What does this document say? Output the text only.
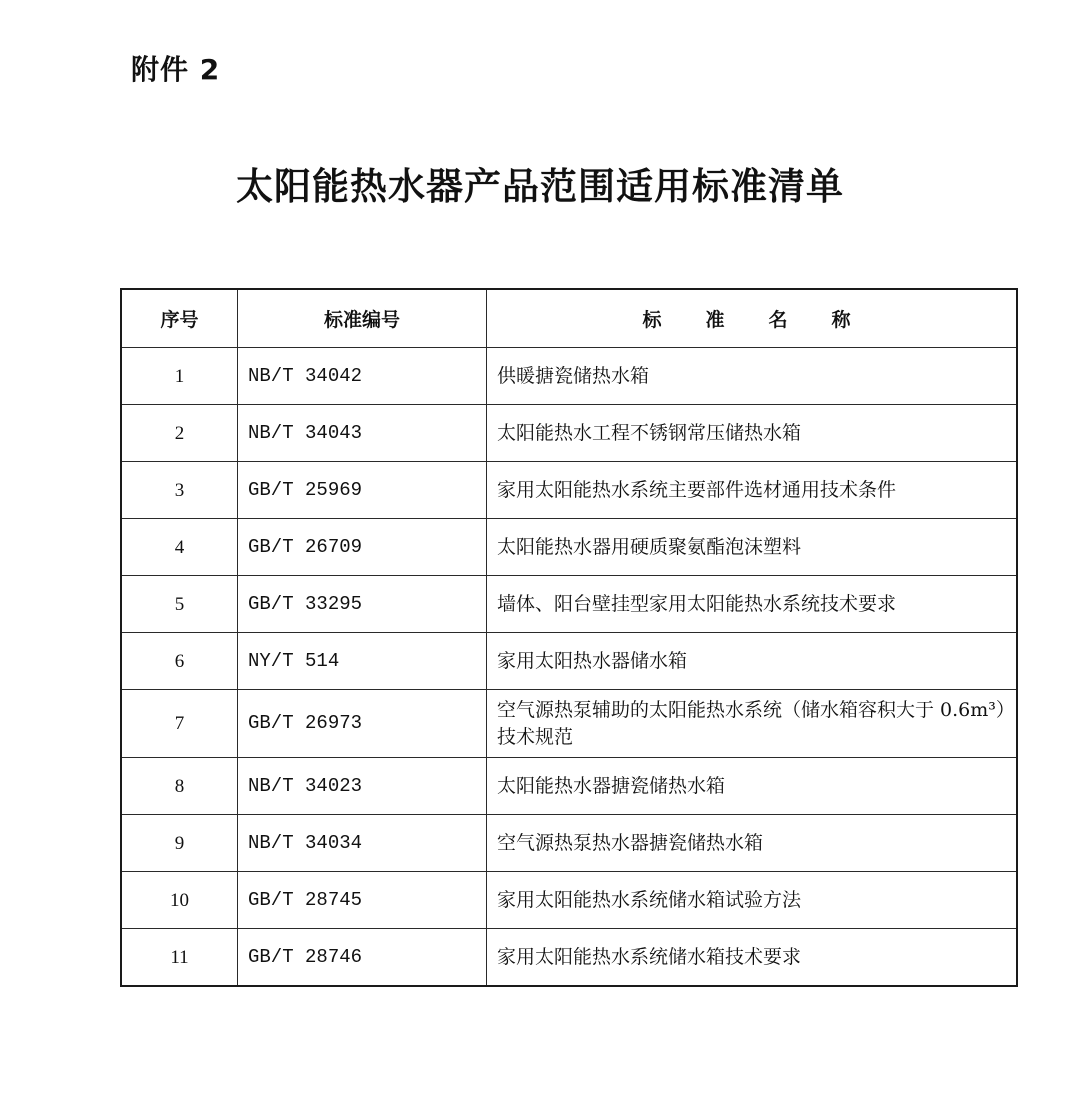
附件 2
太阳能热水器产品范围适用标准清单
序号	标准编号	标准名称
1	NB/T 34042	供暖搪瓷储热水箱
2	NB/T 34043	太阳能热水工程不锈钢常压储热水箱
3	GB/T 25969	家用太阳能热水系统主要部件选材通用技术条件
4	GB/T 26709	太阳能热水器用硬质聚氨酯泡沫塑料
5	GB/T 33295	墙体、阳台壁挂型家用太阳能热水系统技术要求
6	NY/T 514	家用太阳热水器储水箱
7	GB/T 26973	空气源热泵辅助的太阳能热水系统（储水箱容积大于 0.6m³）技术规范
8	NB/T 34023	太阳能热水器搪瓷储热水箱
9	NB/T 34034	空气源热泵热水器搪瓷储热水箱
10	GB/T 28745	家用太阳能热水系统储水箱试验方法
11	GB/T 28746	家用太阳能热水系统储水箱技术要求
